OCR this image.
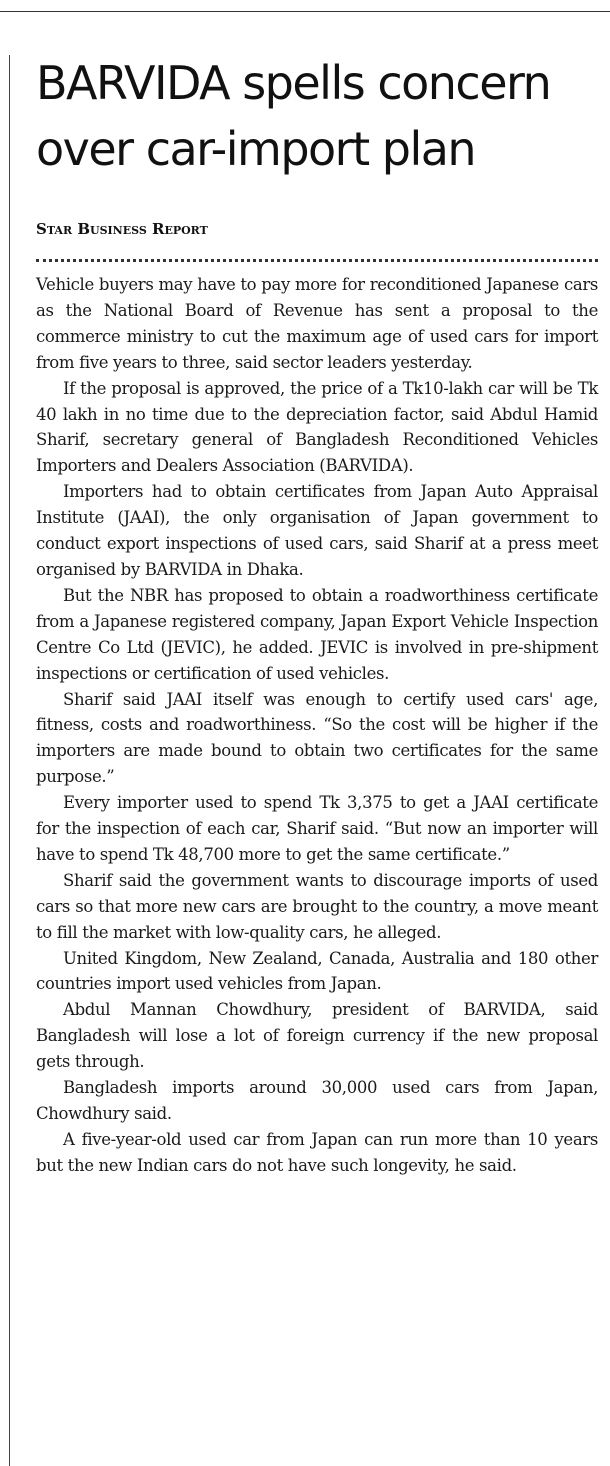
BARVIDA spells concern
over car-import plan

Star Business Report

Vehicle buyers may have to pay more for reconditioned Japanese cars as the National Board of Revenue has sent a proposal to the commerce ministry to cut the maximum age of used cars for import from five years to three, said sector leaders yesterday.

If the proposal is approved, the price of a Tk10-lakh car will be Tk 40 lakh in no time due to the depreciation factor, said Abdul Hamid Sharif, secretary general of Bangladesh Reconditioned Vehicles Importers and Dealers Association (BARVIDA).

Importers had to obtain certificates from Japan Auto Appraisal Institute (JAAI), the only organisation of Japan government to conduct export inspections of used cars, said Sharif at a press meet organised by BARVIDA in Dhaka.

But the NBR has proposed to obtain a roadworthiness certificate from a Japanese registered company, Japan Export Vehicle Inspection Centre Co Ltd (JEVIC), he added. JEVIC is involved in pre-shipment inspections or certification of used vehicles.

Sharif said JAAI itself was enough to certify used cars' age, fitness, costs and roadworthiness. “So the cost will be higher if the importers are made bound to obtain two certificates for the same purpose.”

Every importer used to spend Tk 3,375 to get a JAAI certificate for the inspection of each car, Sharif said. “But now an importer will have to spend Tk 48,700 more to get the same certificate.”

Sharif said the government wants to discourage imports of used cars so that more new cars are brought to the country, a move meant to fill the market with low-quality cars, he alleged.

United Kingdom, New Zealand, Canada, Australia and 180 other countries import used vehicles from Japan.

Abdul Mannan Chowdhury, president of BARVIDA, said Bangladesh will lose a lot of foreign currency if the new proposal gets through.

Bangladesh imports around 30,000 used cars from Japan, Chowdhury said.

A five-year-old used car from Japan can run more than 10 years but the new Indian cars do not have such longevity, he said.
